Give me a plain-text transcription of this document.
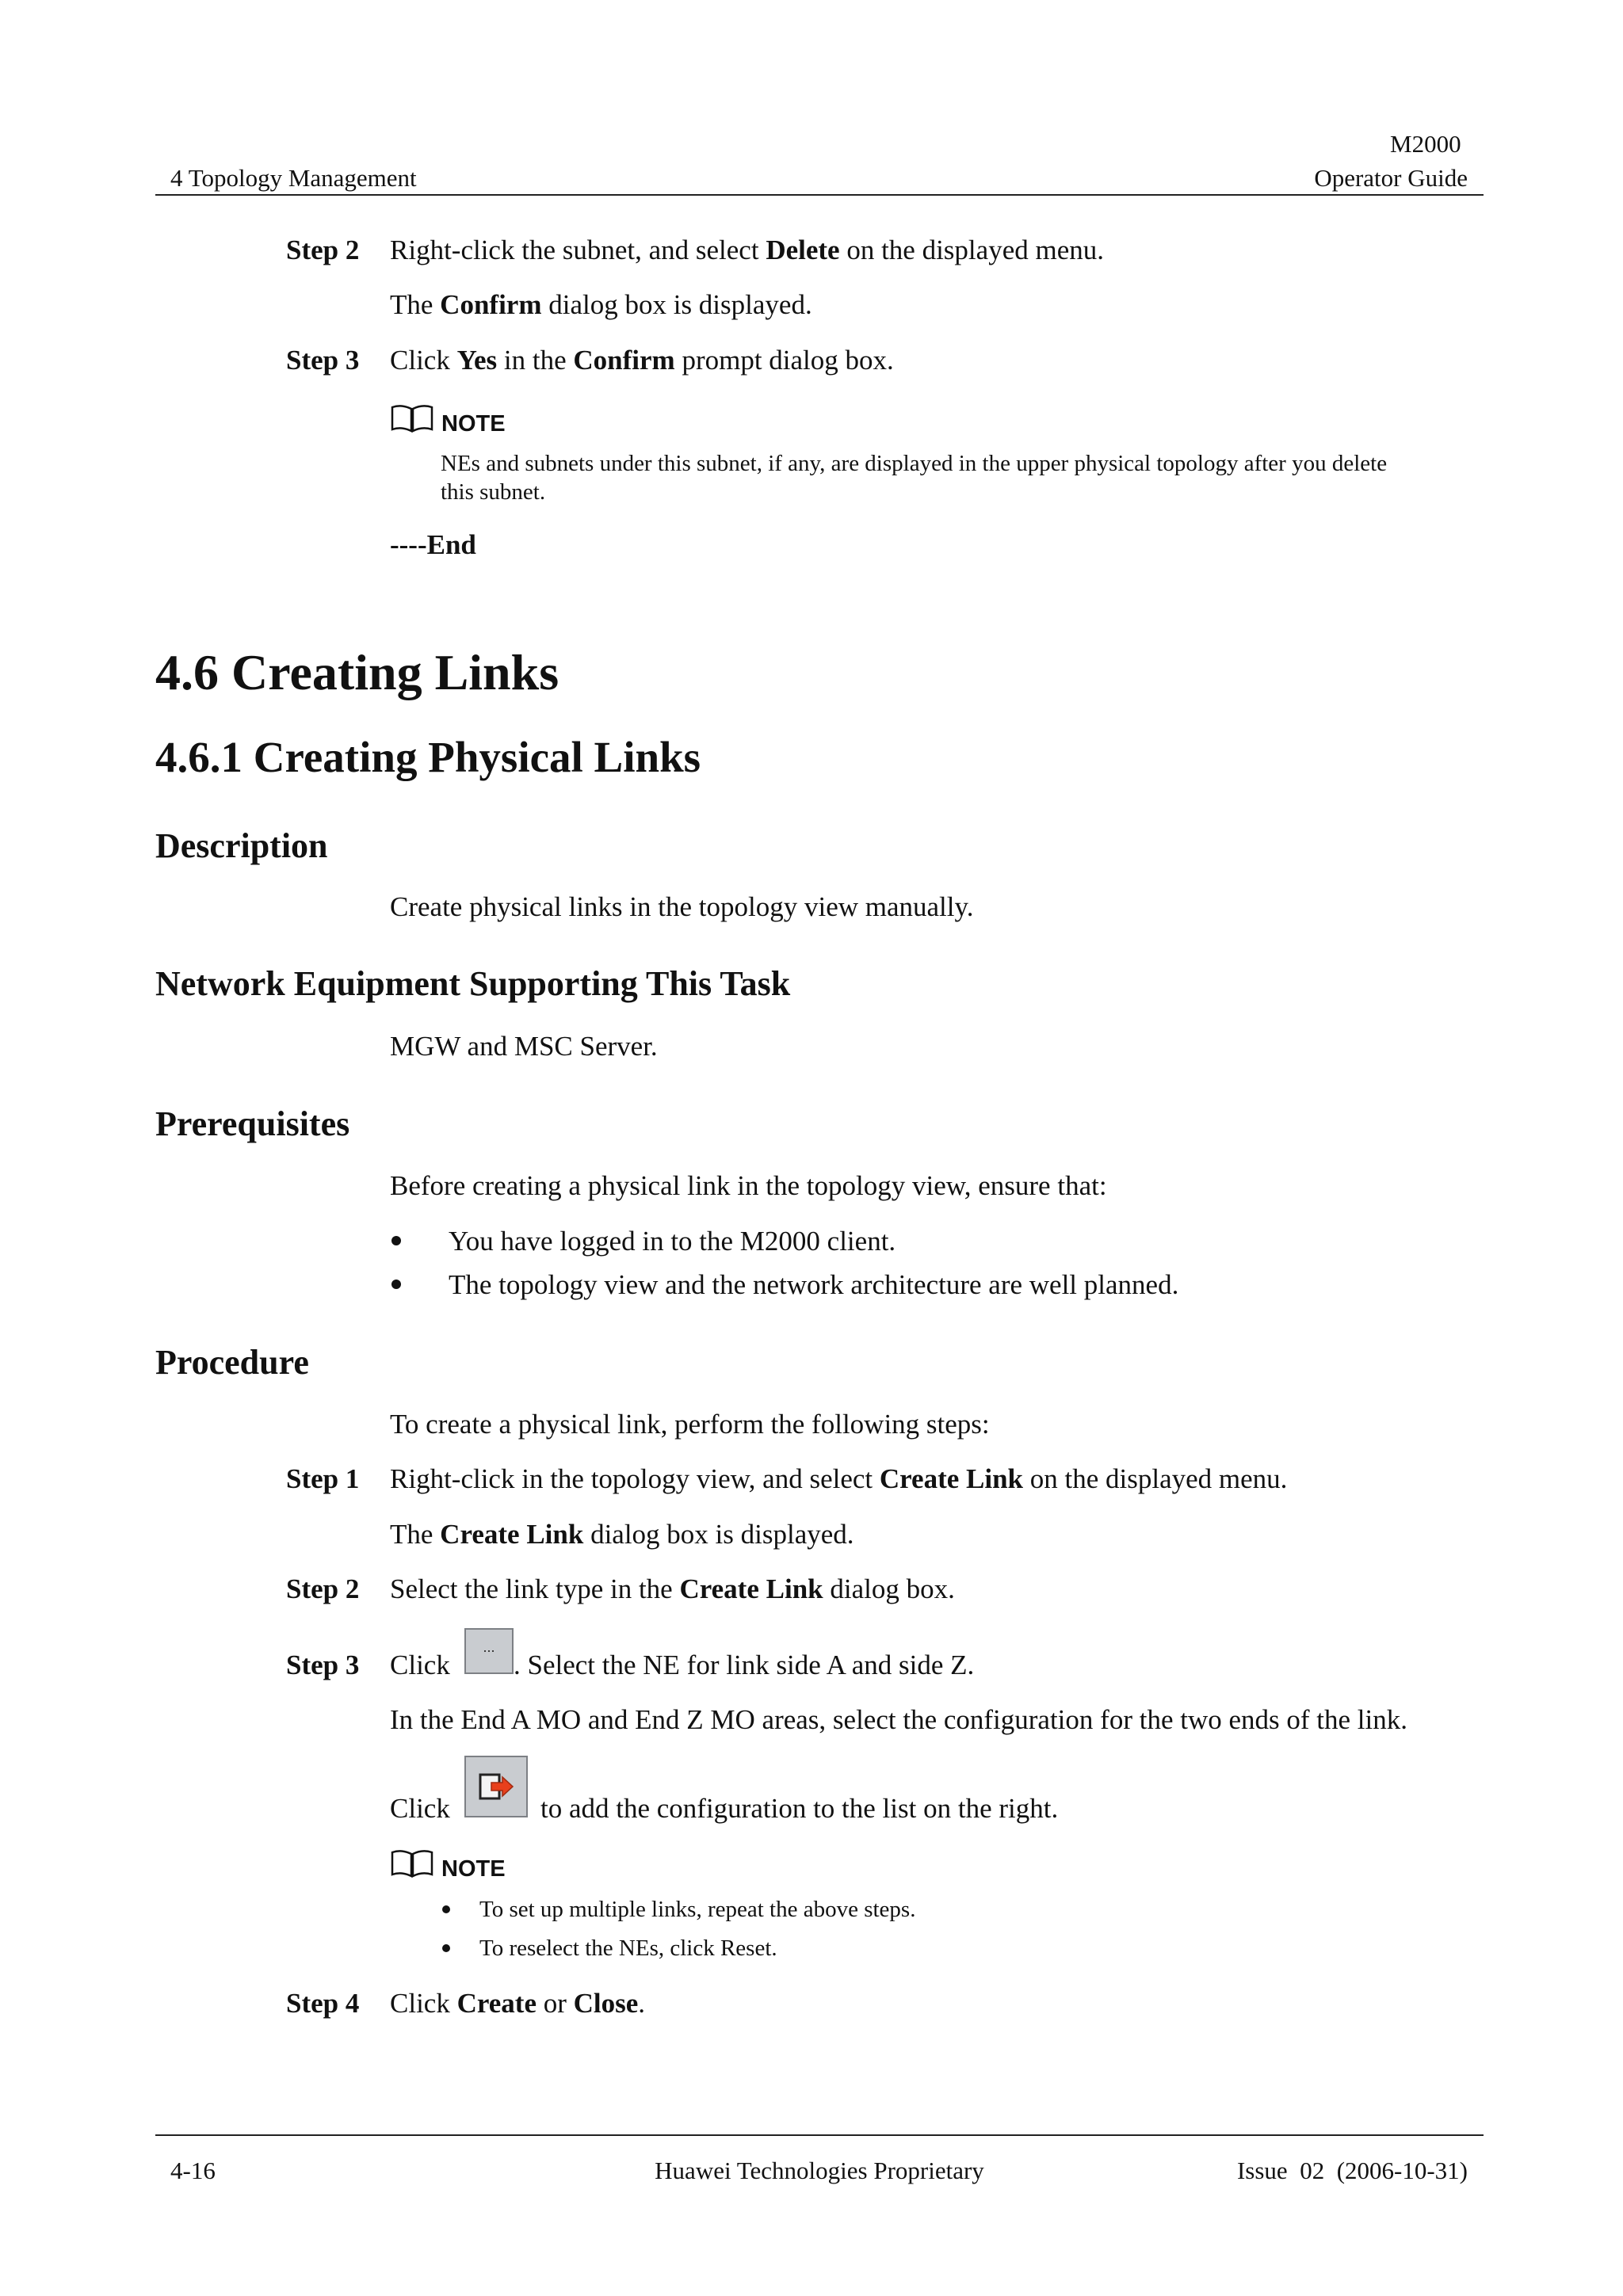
M2000
4 Topology Management	Operator Guide
Step 2 Right-click the subnet, and select Delete on the displayed menu.
The Confirm dialog box is displayed.
Step 3 Click Yes in the Confirm prompt dialog box.
NOTE
NEs and subnets under this subnet, if any, are displayed in the upper physical topology after you delete
this subnet.
----End
4.6 Creating Links
4.6.1 Creating Physical Links
Description
Create physical links in the topology view manually.
Network Equipment Supporting This Task
MGW and MSC Server.
Prerequisites
Before creating a physical link in the topology view, ensure that:
You have logged in to the M2000 client.
The topology view and the network architecture are well planned.
Procedure
To create a physical link, perform the following steps:
Step 1 Right-click in the topology view, and select Create Link on the displayed menu.
The Create Link dialog box is displayed.
Step 2 Select the link type in the Create Link dialog box.
Step 3 Click
...
. Select the NE for link side A and side Z.
In the End A MO and End Z MO areas, select the configuration for the two ends of the link.
Click	to add the configuration to the list on the right.
NOTE
To set up multiple links, repeat the above steps.
To reselect the NEs, click Reset.
Step 4 Click Create or Close.
4-16	Huawei Technologies Proprietary	Issue  02  (2006-10-31)
